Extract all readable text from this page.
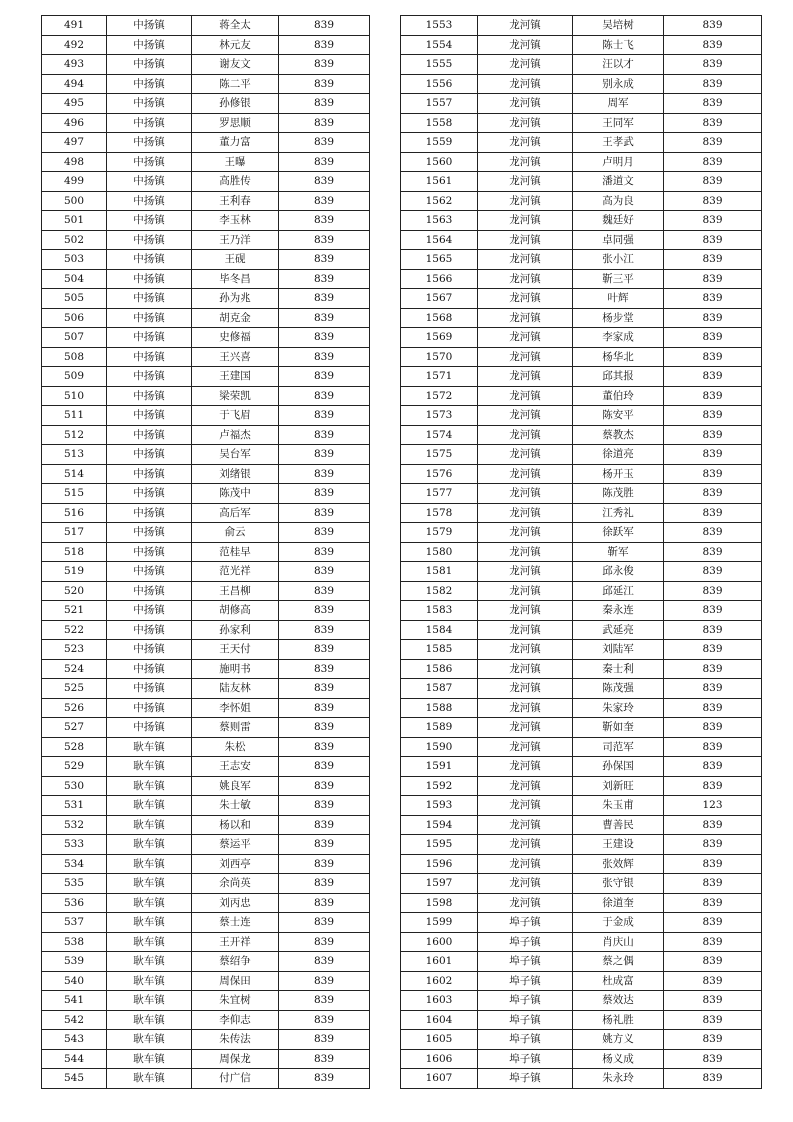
491	中扬镇	蒋全太	839
492	中扬镇	林元友	839
493	中扬镇	谢友文	839
494	中扬镇	陈二平	839
495	中扬镇	孙修银	839
496	中扬镇	罗思顺	839
497	中扬镇	董力富	839
498	中扬镇	王曝	839
499	中扬镇	高胜传	839
500	中扬镇	王利春	839
501	中扬镇	李玉林	839
502	中扬镇	王乃洋	839
503	中扬镇	王砚	839
504	中扬镇	毕冬昌	839
505	中扬镇	孙为兆	839
506	中扬镇	胡克金	839
507	中扬镇	史修福	839
508	中扬镇	王兴喜	839
509	中扬镇	王建国	839
510	中扬镇	梁荣凯	839
511	中扬镇	于飞眉	839
512	中扬镇	卢福杰	839
513	中扬镇	吴台军	839
514	中扬镇	刘绪银	839
515	中扬镇	陈茂中	839
516	中扬镇	高后军	839
517	中扬镇	俞云	839
518	中扬镇	范桂早	839
519	中扬镇	范光祥	839
520	中扬镇	王昌柳	839
521	中扬镇	胡修高	839
522	中扬镇	孙家利	839
523	中扬镇	王天付	839
524	中扬镇	施明书	839
525	中扬镇	陆友林	839
526	中扬镇	李怀姐	839
527	中扬镇	蔡则雷	839
528	耿车镇	朱松	839
529	耿车镇	王志安	839
530	耿车镇	姚良军	839
531	耿车镇	朱士敏	839
532	耿车镇	杨以和	839
533	耿车镇	蔡运平	839
534	耿车镇	刘西亭	839
535	耿车镇	余尚英	839
536	耿车镇	刘丙忠	839
537	耿车镇	蔡士连	839
538	耿车镇	王开祥	839
539	耿车镇	蔡绍争	839
540	耿车镇	周保田	839
541	耿车镇	朱宜树	839
542	耿车镇	李仰志	839
543	耿车镇	朱传法	839
544	耿车镇	周保龙	839
545	耿车镇	付广信	839
1553	龙河镇	吴培树	839
1554	龙河镇	陈士飞	839
1555	龙河镇	汪以才	839
1556	龙河镇	别永成	839
1557	龙河镇	周军	839
1558	龙河镇	王同军	839
1559	龙河镇	王孝武	839
1560	龙河镇	卢明月	839
1561	龙河镇	潘道文	839
1562	龙河镇	高为良	839
1563	龙河镇	魏廷好	839
1564	龙河镇	卓同强	839
1565	龙河镇	张小江	839
1566	龙河镇	靳三平	839
1567	龙河镇	叶辉	839
1568	龙河镇	杨步堂	839
1569	龙河镇	李家成	839
1570	龙河镇	杨华北	839
1571	龙河镇	邱其报	839
1572	龙河镇	董伯玲	839
1573	龙河镇	陈安平	839
1574	龙河镇	蔡教杰	839
1575	龙河镇	徐道亮	839
1576	龙河镇	杨开玉	839
1577	龙河镇	陈茂胜	839
1578	龙河镇	江秀礼	839
1579	龙河镇	徐跃军	839
1580	龙河镇	靳军	839
1581	龙河镇	邱永俊	839
1582	龙河镇	邱延江	839
1583	龙河镇	秦永连	839
1584	龙河镇	武延亮	839
1585	龙河镇	刘陆军	839
1586	龙河镇	秦士利	839
1587	龙河镇	陈茂强	839
1588	龙河镇	朱家玲	839
1589	龙河镇	靳如奎	839
1590	龙河镇	司范军	839
1591	龙河镇	孙保国	839
1592	龙河镇	刘新旺	839
1593	龙河镇	朱玉甫	123
1594	龙河镇	曹善民	839
1595	龙河镇	王建设	839
1596	龙河镇	张效辉	839
1597	龙河镇	张守银	839
1598	龙河镇	徐道奎	839
1599	埠子镇	于金成	839
1600	埠子镇	肖庆山	839
1601	埠子镇	蔡之偶	839
1602	埠子镇	杜成富	839
1603	埠子镇	蔡效达	839
1604	埠子镇	杨礼胜	839
1605	埠子镇	姚方义	839
1606	埠子镇	杨义成	839
1607	埠子镇	朱永玲	839
